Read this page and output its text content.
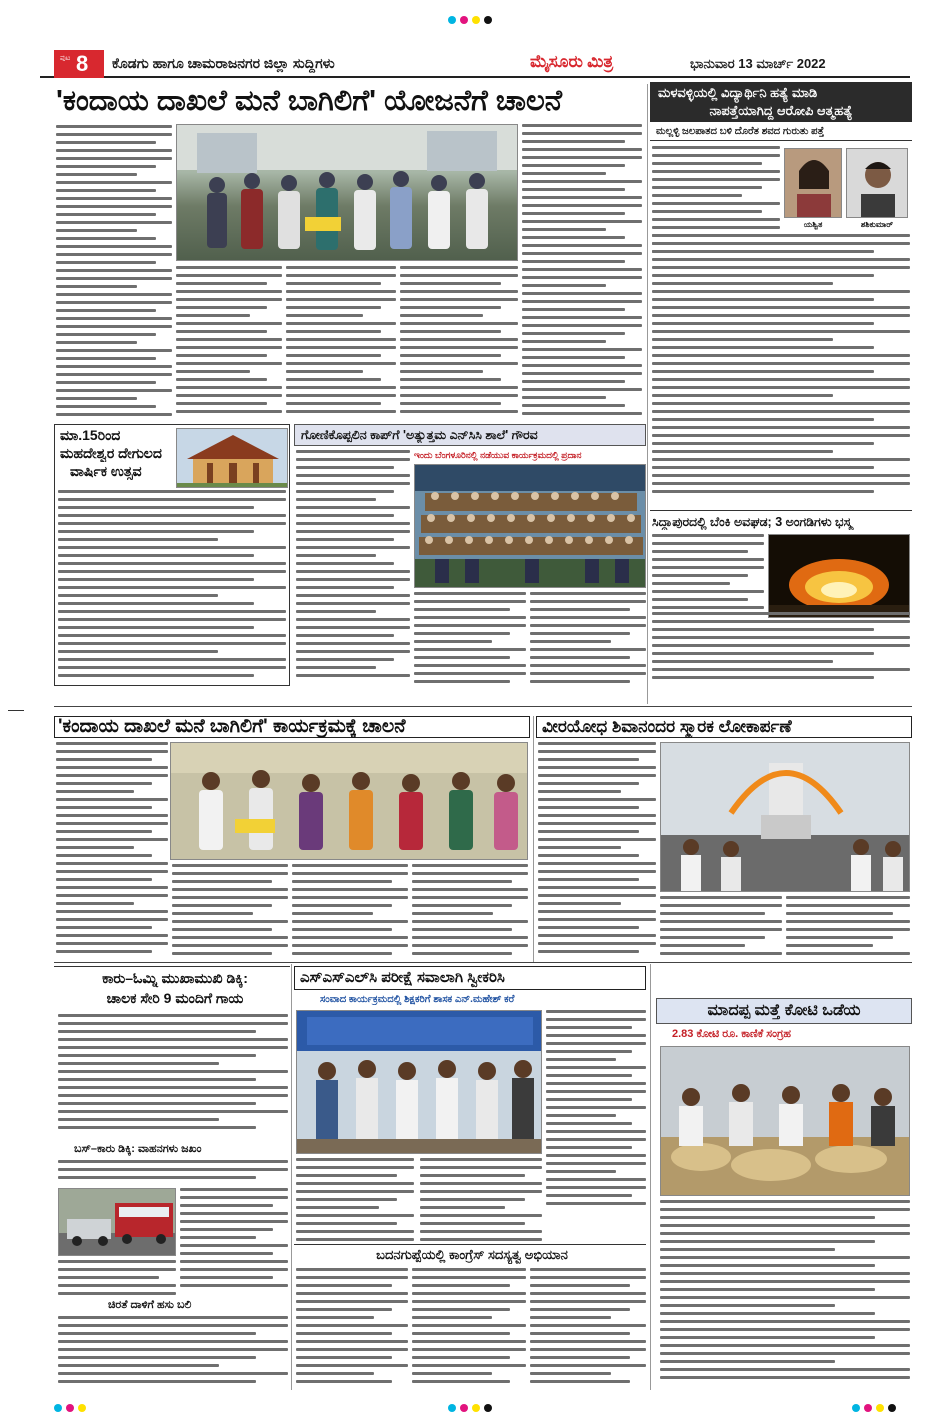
ಪುಟ 8 ಕೊಡಗು ಹಾಗೂ ಚಾಮರಾಜನಗರ ಜಿಲ್ಲಾ ಸುದ್ದಿಗಳು	ಮೈಸೂರು ಮಿತ್ರ	ಭಾನುವಾರ 13 ಮಾರ್ಚ್ 2022
'ಕಂದಾಯ ದಾಖಲೆ ಮನೆ ಬಾಗಿಲಿಗೆ' ಯೋಜನೆಗೆ ಚಾಲನೆ	ಮಳವಳ್ಳಿಯಲ್ಲಿ ವಿದ್ಯಾರ್ಥಿನಿ ಹತ್ಯೆ ಮಾಡಿ
ನಾಪತ್ತೆಯಾಗಿದ್ದ ಆರೋಪಿ ಆತ್ಮಹತ್ಯೆ
ಮಲ್ಲಳ್ಳಿ ಜಲಪಾತದ ಬಳಿ ದೊರೆತ ಶವದ ಗುರುತು ಪತ್ತೆ
ಯಶ್ವಿತ	ಶಶಿಕುಮಾರ್
ಮಾ.15ರಿಂದ
ಮಹದೇಶ್ವರ ದೇಗುಲದ
ವಾರ್ಷಿಕ ಉತ್ಸವ
ಗೋಣಿಕೊಪ್ಪಲಿನ ಕಾಪ್‌ಗೆ 'ಅತ್ಯುತ್ತಮ ಎನ್‌ಸಿಸಿ ಶಾಲೆ' ಗೌರವ
ಇಂದು ಬೆಂಗಳೂರಿನಲ್ಲಿ ನಡೆಯುವ ಕಾರ್ಯಕ್ರಮದಲ್ಲಿ ಪ್ರದಾನ
ಸಿದ್ದಾಪುರದಲ್ಲಿ ಬೆಂಕಿ ಅವಘಡ; 3 ಅಂಗಡಿಗಳು ಭಸ್ಮ
'ಕಂದಾಯ ದಾಖಲೆ ಮನೆ ಬಾಗಿಲಿಗೆ' ಕಾರ್ಯಕ್ರಮಕ್ಕೆ ಚಾಲನೆ	ವೀರಯೋಧ ಶಿವಾನಂದರ ಸ್ಮಾರಕ ಲೋಕಾರ್ಪಣೆ
ಕಾರು–ಓಮ್ನಿ ಮುಖಾಮುಖಿ ಡಿಕ್ಕಿ:
ಚಾಲಕ ಸೇರಿ 9 ಮಂದಿಗೆ ಗಾಯ
ಬಸ್–ಕಾರು ಡಿಕ್ಕಿ: ವಾಹನಗಳು ಜಖಂ
ಚಿರತೆ ದಾಳಿಗೆ ಹಸು ಬಲಿ
ಎಸ್‌ಎಸ್‌ಎಲ್‌ಸಿ ಪರೀಕ್ಷೆ ಸವಾಲಾಗಿ ಸ್ವೀಕರಿಸಿ
ಸಂವಾದ ಕಾರ್ಯಕ್ರಮದಲ್ಲಿ ಶಿಕ್ಷಕರಿಗೆ ಶಾಸಕ ಎನ್.ಮಹೇಶ್ ಕರೆ
ಬದನಗುಪ್ಪೆಯಲ್ಲಿ ಕಾಂಗ್ರೆಸ್ ಸದಸ್ಯತ್ವ ಅಭಿಯಾನ
ಮಾದಪ್ಪ ಮತ್ತೆ ಕೋಟಿ ಒಡೆಯ
2.83 ಕೋಟಿ ರೂ. ಕಾಣಿಕೆ ಸಂಗ್ರಹ
